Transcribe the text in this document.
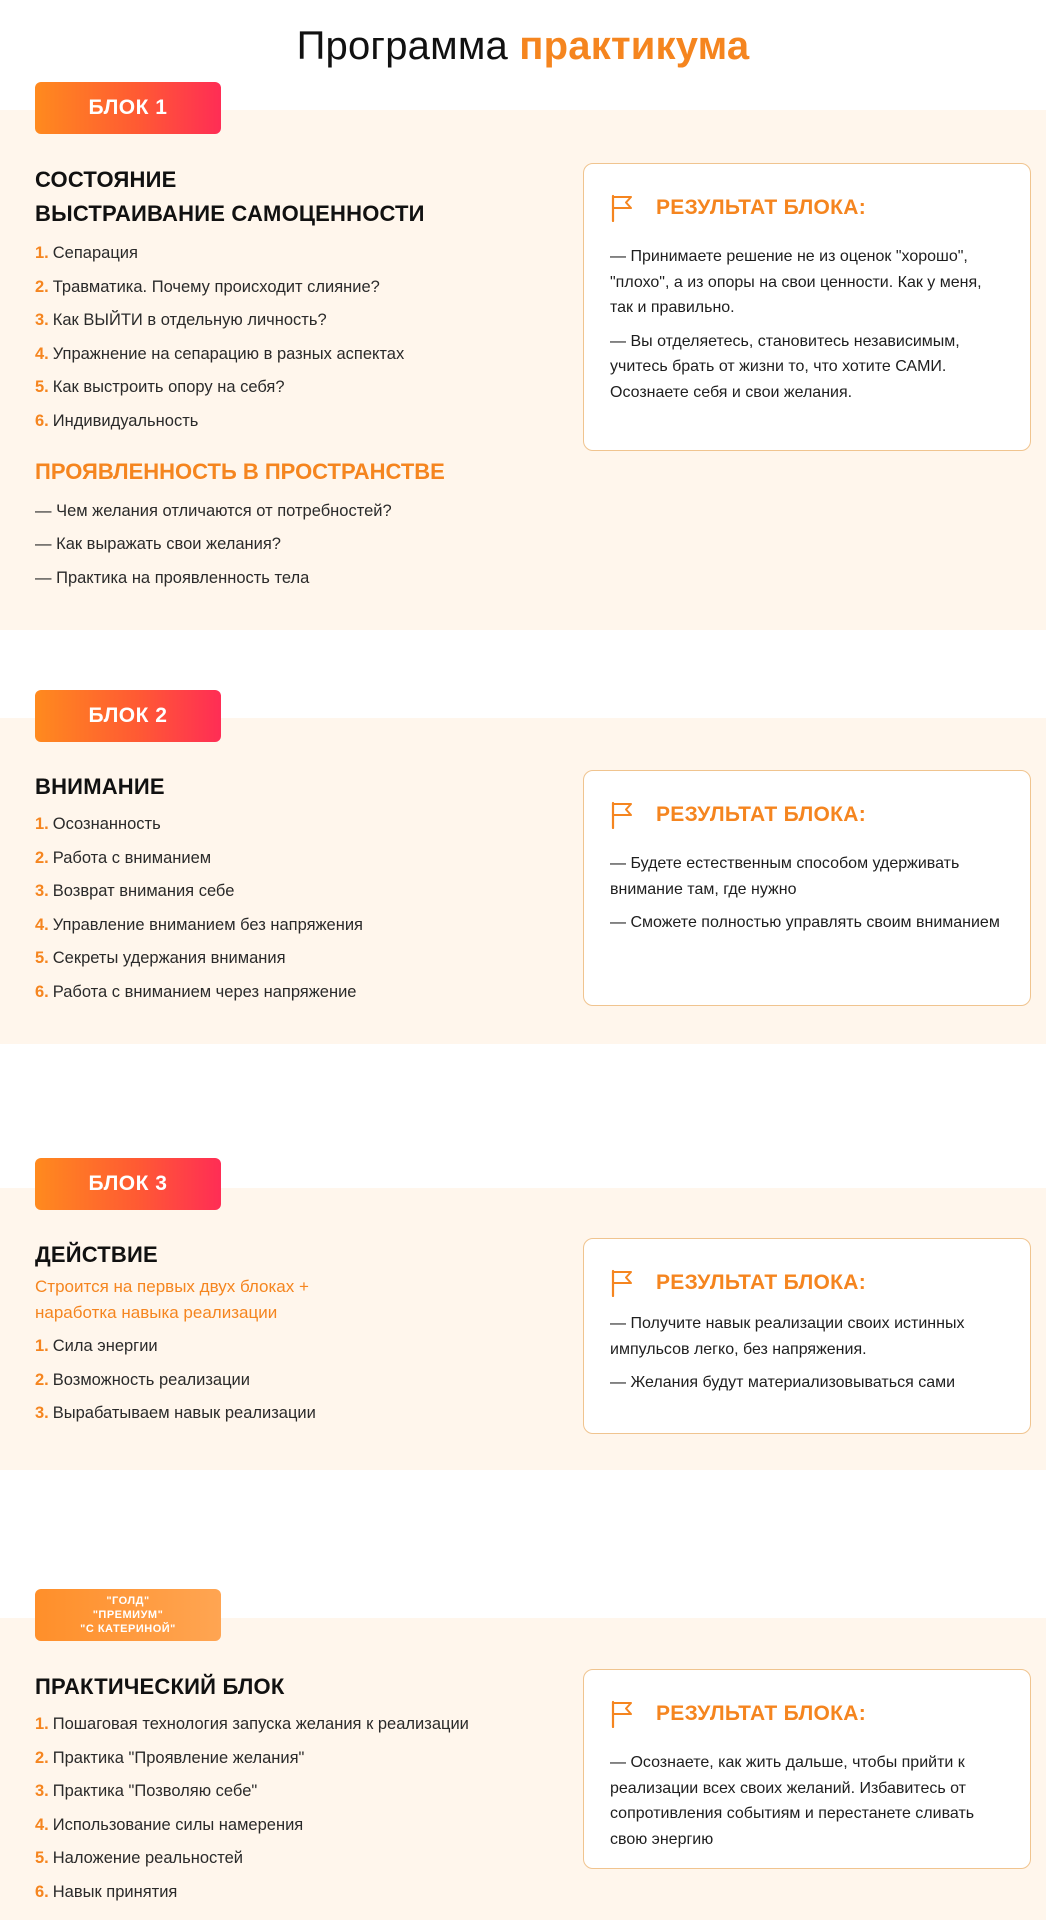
Программа практикума
БЛОК 1
СОСТОЯНИЕ
ВЫСТРАИВАНИЕ САМОЦЕННОСТИ
1. Сепарация
2. Травматика. Почему происходит слияние?
3. Как ВЫЙТИ в отдельную личность?
4. Упражнение на сепарацию в разных аспектах
5. Как выстроить опору на себя?
6. Индивидуальность
ПРОЯВЛЕННОСТЬ В ПРОСТРАНСТВЕ
— Чем желания отличаются от потребностей?
— Как выражать свои желания?
— Практика на проявленность тела
РЕЗУЛЬТАТ БЛОКА:

— Принимаете решение не из оценок "хорошо", "плохо", а из опоры на свои ценности. Как у меня, так и правильно.

— Вы отделяетесь, становитесь независимым, учитесь брать от жизни то, что хотите САМИ. Осознаете себя и свои желания.

БЛОК 2
ВНИМАНИЕ
1. Осознанность
2. Работа с вниманием
3. Возврат внимания себе
4. Управление вниманием без напряжения
5. Секреты удержания внимания
6. Работа с вниманием через напряжение
РЕЗУЛЬТАТ БЛОКА:

— Будете естественным способом удерживать внимание там, где нужно

— Сможете полностью управлять своим вниманием

БЛОК 3
ДЕЙСТВИЕ
Строится на первых двух блоках +
наработка навыка реализации
1. Сила энергии
2. Возможность реализации
3. Вырабатываем навык реализации
РЕЗУЛЬТАТ БЛОКА:

— Получите навык реализации своих истинных импульсов легко, без напряжения.

— Желания будут материализовываться сами

"ГОЛД"
"ПРЕМИУМ"
"С КАТЕРИНОЙ"
ПРАКТИЧЕСКИЙ БЛОК
1. Пошаговая технология запуска желания к реализации
2. Практика "Проявление желания"
3. Практика "Позволяю себе"
4. Использование силы намерения
5. Наложение реальностей
6. Навык принятия
РЕЗУЛЬТАТ БЛОКА:

— Осознаете, как жить дальше, чтобы прийти к реализации всех своих желаний. Избавитесь от сопротивления событиям и перестанете сливать свою энергию
